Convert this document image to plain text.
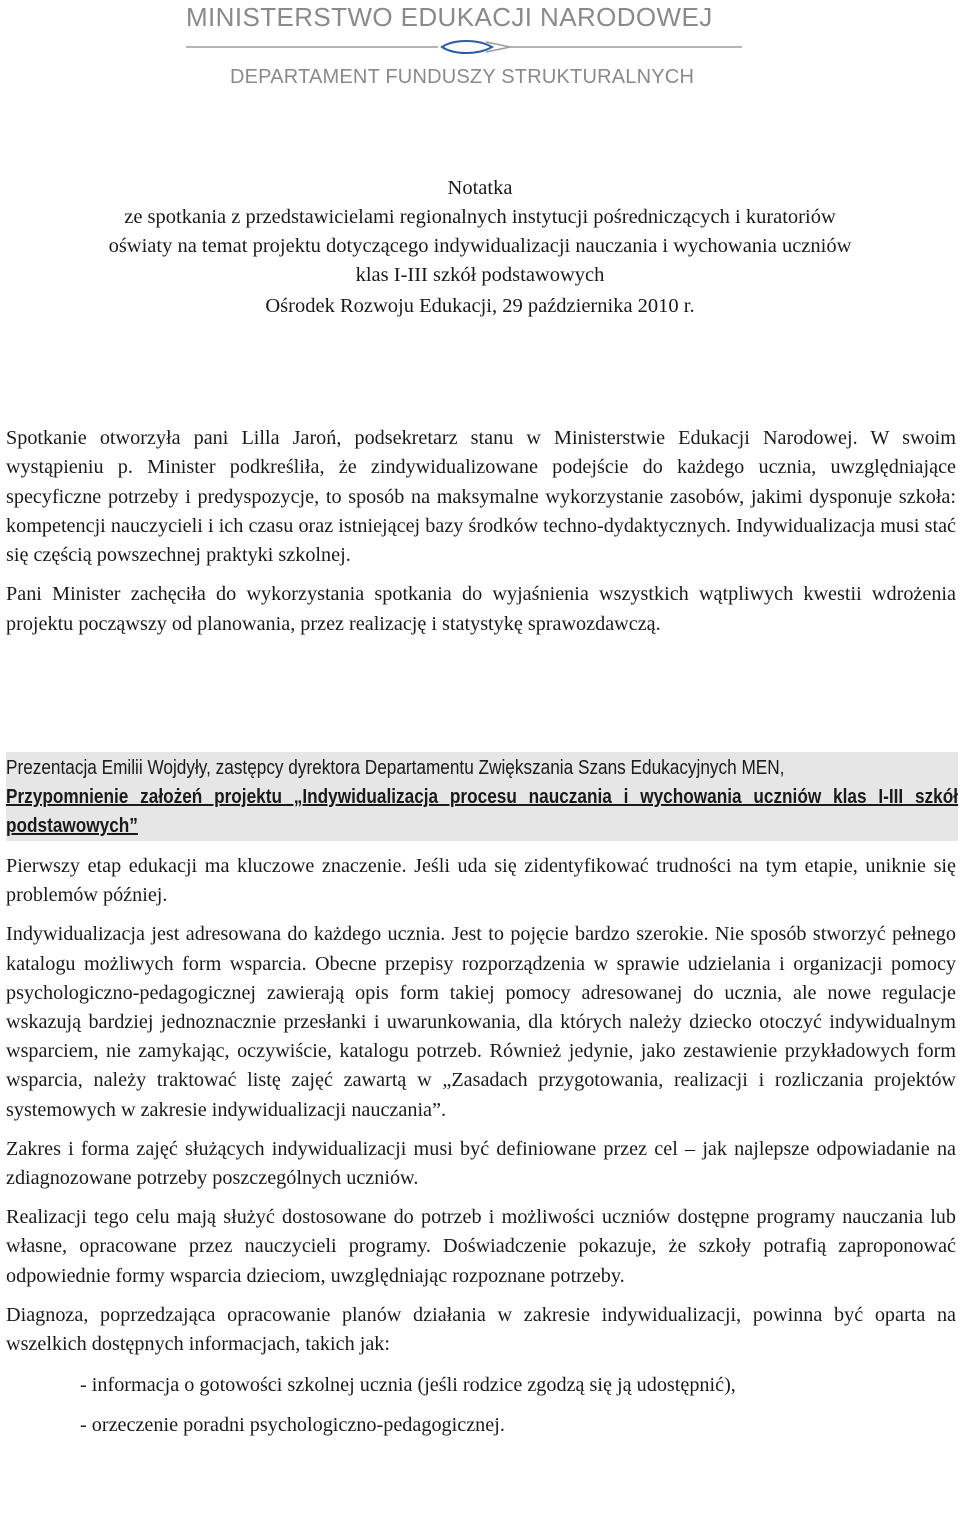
MINISTERSTWO EDUKACJI NARODOWEJ
DEPARTAMENT FUNDUSZY STRUKTURALNYCH

Notatka

ze spotkania z przedstawicielami regionalnych instytucji pośredniczących i kuratoriów

oświaty na temat projektu dotyczącego indywidualizacji nauczania i wychowania uczniów

klas I-III szkół podstawowych

Ośrodek Rozwoju Edukacji, 29 października 2010 r.

Spotkanie otworzyła pani Lilla Jaroń, podsekretarz stanu w Ministerstwie Edukacji Narodowej. W swoim wystąpieniu p. Minister podkreśliła, że zindywidualizowane podejście do każdego ucznia, uwzględniające specyficzne potrzeby i predyspozycje, to sposób na maksymalne wykorzystanie zasobów, jakimi dysponuje szkoła: kompetencji nauczycieli i ich czasu oraz istniejącej bazy środków techno-dydaktycznych. Indywidualizacja musi stać się częścią powszechnej praktyki szkolnej.

Pani Minister zachęciła do wykorzystania spotkania do wyjaśnienia wszystkich wątpliwych kwestii wdrożenia projektu począwszy od planowania, przez realizację i statystykę sprawozdawczą.

Prezentacja Emilii Wojdyły, zastępcy dyrektora Departamentu Zwiększania Szans Edukacyjnych MEN,

Przypomnienie założeń projektu „Indywidualizacja procesu nauczania i wychowania uczniów klas I-III szkół podstawowych”

Pierwszy etap edukacji ma kluczowe znaczenie. Jeśli uda się zidentyfikować trudności na tym etapie, uniknie się problemów później.

Indywidualizacja jest adresowana do każdego ucznia. Jest to pojęcie bardzo szerokie. Nie sposób stworzyć pełnego katalogu możliwych form wsparcia. Obecne przepisy rozporządzenia w sprawie udzielania i organizacji pomocy psychologiczno-pedagogicznej zawierają opis form takiej pomocy adresowanej do ucznia, ale nowe regulacje wskazują bardziej jednoznacznie przesłanki i uwarunkowania, dla których należy dziecko otoczyć indywidualnym wsparciem, nie zamykając, oczywiście, katalogu potrzeb. Również jedynie, jako zestawienie przykładowych form wsparcia, należy traktować listę zajęć zawartą w „Zasadach przygotowania, realizacji i rozliczania projektów systemowych w zakresie indywidualizacji nauczania”.

Zakres i forma zajęć służących indywidualizacji musi być definiowane przez cel – jak najlepsze odpowiadanie na zdiagnozowane potrzeby poszczególnych uczniów.

Realizacji tego celu mają służyć dostosowane do potrzeb i możliwości uczniów dostępne programy nauczania lub własne, opracowane przez nauczycieli programy. Doświadczenie pokazuje, że szkoły potrafią zaproponować odpowiednie formy wsparcia dzieciom, uwzględniając rozpoznane potrzeby.

Diagnoza, poprzedzająca opracowanie planów działania w zakresie indywidualizacji, powinna być oparta na wszelkich dostępnych informacjach, takich jak:

- informacja o gotowości szkolnej ucznia (jeśli rodzice zgodzą się ją udostępnić),
- orzeczenie poradni psychologiczno-pedagogicznej.
